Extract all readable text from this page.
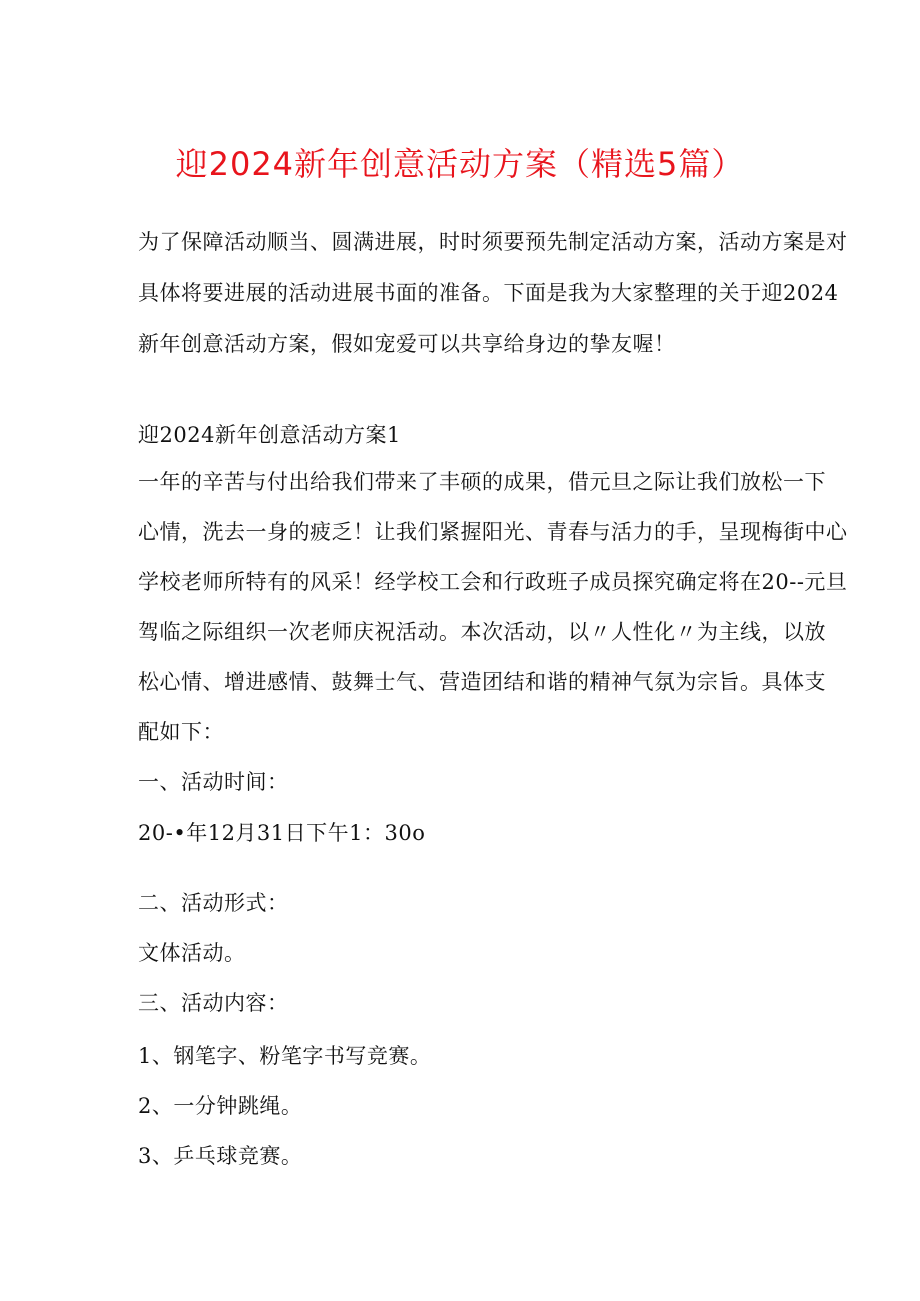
迎2024新年创意活动方案（精选5篇）
为了保障活动顺当、圆满进展，时时须要预先制定活动方案，活动方案是对
具体将要进展的活动进展书面的准备。下面是我为大家整理的关于迎2024
新年创意活动方案，假如宠爱可以共享给身边的挚友喔！
迎2024新年创意活动方案1
一年的辛苦与付出给我们带来了丰硕的成果，借元旦之际让我们放松一下
心情，洗去一身的疲乏！让我们紧握阳光、青春与活力的手，呈现梅街中心
学校老师所特有的风采！经学校工会和行政班子成员探究确定将在20--元旦
驾临之际组织一次老师庆祝活动。本次活动，以〃人性化〃为主线，以放
松心情、增进感情、鼓舞士气、营造团结和谐的精神气氛为宗旨。具体支
配如下：
一、活动时间：
20-•年12月31日下午1：30o
二、活动形式：
文体活动。
三、活动内容：
1、钢笔字、粉笔字书写竞赛。
2、一分钟跳绳。
3、乒乓球竞赛。
